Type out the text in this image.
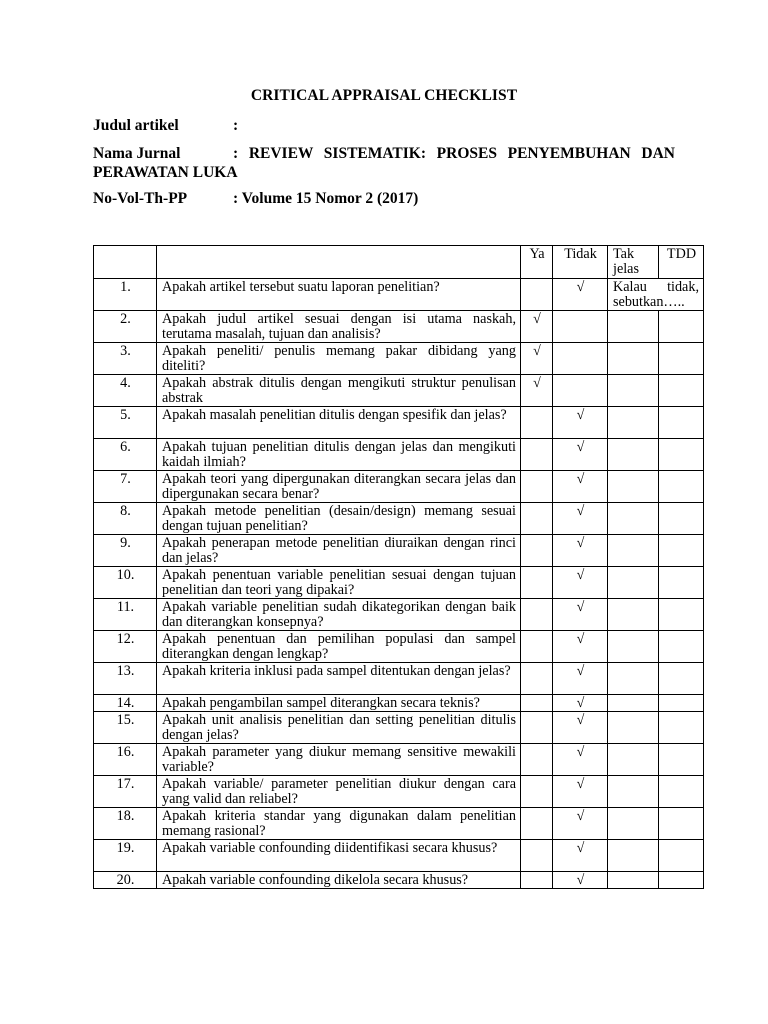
CRITICAL APPRAISAL CHECKLIST
Judul artikel	:
Nama Jurnal	: REVIEW SISTEMATIK: PROSES PENYEMBUHAN DAN PERAWATAN LUKA
No-Vol-Th-PP	: Volume 15 Nomor 2 (2017)
		Ya	Tidak	Tak jelas	TDD
1.	Apakah artikel tersebut suatu laporan penelitian?		√	Kalau tidak, sebutkan…..	
2.	Apakah judul artikel sesuai dengan isi utama naskah, terutama masalah, tujuan dan analisis?	√			
3.	Apakah peneliti/ penulis memang pakar dibidang yang diteliti?	√			
4.	Apakah abstrak ditulis dengan mengikuti struktur penulisan abstrak	√			
5.	Apakah masalah penelitian ditulis dengan spesifik dan jelas?		√		
6.	Apakah tujuan penelitian ditulis dengan jelas dan mengikuti kaidah ilmiah?		√		
7.	Apakah teori yang dipergunakan diterangkan secara jelas dan dipergunakan secara benar?		√		
8.	Apakah metode penelitian (desain/design) memang sesuai dengan tujuan penelitian?		√		
9.	Apakah penerapan metode penelitian diuraikan dengan rinci dan jelas?		√		
10.	Apakah penentuan variable penelitian sesuai dengan tujuan penelitian dan teori yang dipakai?		√		
11.	Apakah variable penelitian sudah dikategorikan dengan baik dan diterangkan konsepnya?		√		
12.	Apakah penentuan dan pemilihan populasi dan sampel diterangkan dengan lengkap?		√		
13.	Apakah kriteria inklusi pada sampel ditentukan dengan jelas?		√		
14.	Apakah pengambilan sampel diterangkan secara teknis?		√		
15.	Apakah unit analisis penelitian dan setting penelitian ditulis dengan jelas?		√		
16.	Apakah parameter yang diukur memang sensitive mewakili variable?		√		
17.	Apakah variable/ parameter penelitian diukur dengan cara yang valid dan reliabel?		√		
18.	Apakah kriteria standar yang digunakan dalam penelitian memang rasional?		√		
19.	Apakah variable confounding diidentifikasi secara khusus?		√		
20.	Apakah variable confounding dikelola secara khusus?		√		
